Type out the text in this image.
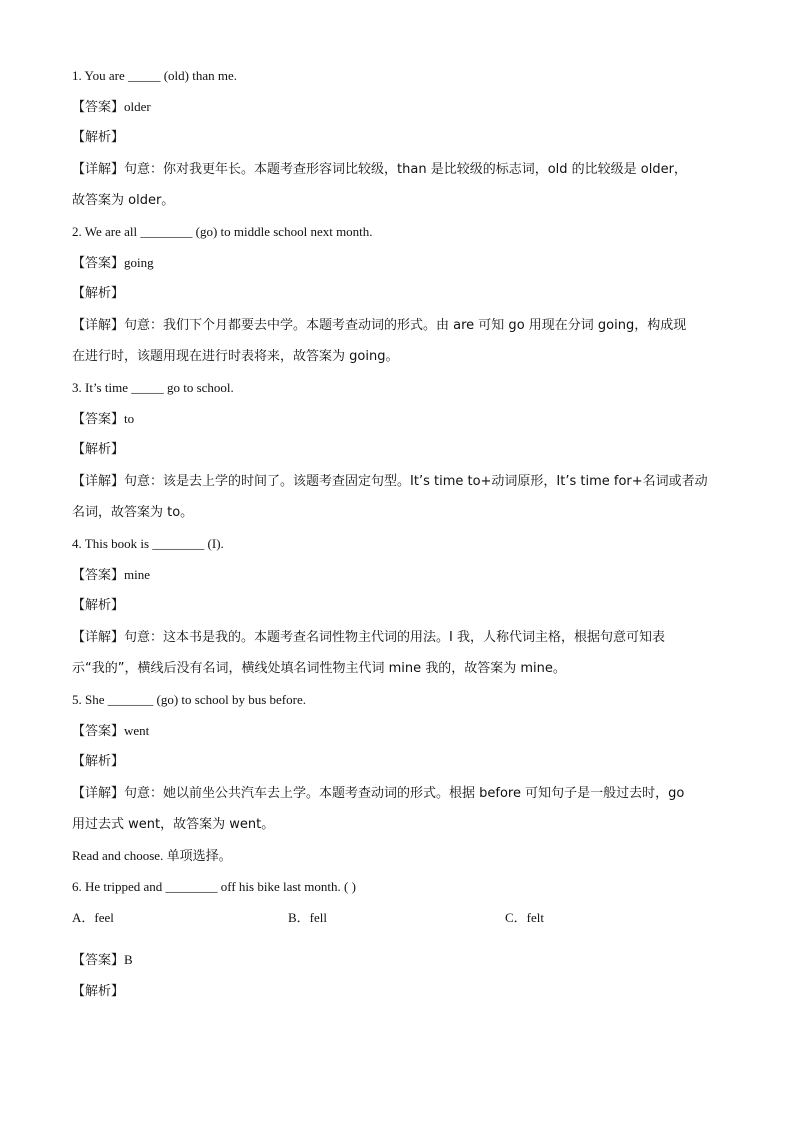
1. You are _____ (old) than me.
【答案】older
【解析】
【详解】句意：你对我更年长。本题考查形容词比较级，than 是比较级的标志词，old 的比较级是 older，
故答案为 older。
2. We are all ________ (go) to middle school next month.
【答案】going
【解析】
【详解】句意：我们下个月都要去中学。本题考查动词的形式。由 are 可知 go 用现在分词 going，构成现
在进行时，该题用现在进行时表将来，故答案为 going。
3. It’s time _____ go to school.
【答案】to
【解析】
【详解】句意：该是去上学的时间了。该题考查固定句型。It’s time to+动词原形，It’s time for+名词或者动
名词，故答案为 to。
4. This book is ________ (I).
【答案】mine
【解析】
【详解】句意：这本书是我的。本题考查名词性物主代词的用法。I 我，人称代词主格，根据句意可知表
示“我的”，横线后没有名词，横线处填名词性物主代词 mine 我的，故答案为 mine。
5. She _______ (go) to school by bus before.
【答案】went
【解析】
【详解】句意：她以前坐公共汽车去上学。本题考查动词的形式。根据 before 可知句子是一般过去时，go
用过去式 went，故答案为 went。
Read and choose. 单项选择。
6. He tripped and ________ off his bike last month. ( )
A．feel	B．fell	C．felt
【答案】B
【解析】
